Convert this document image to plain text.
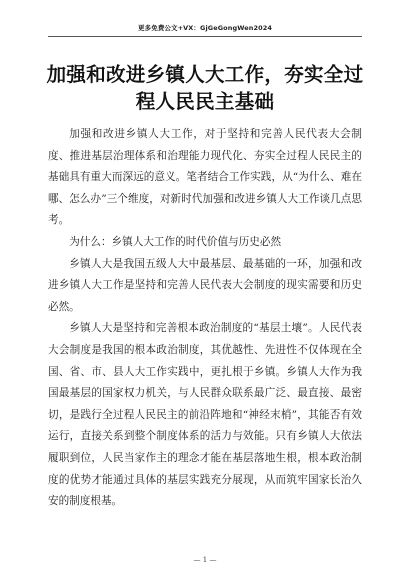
更多免费公文+VX：GjGeGongWen2024
加强和改进乡镇人大工作，夯实全过程人民民主基础

加强和改进乡镇人大工作，对于坚持和完善人民代表大会制度、推进基层治理体系和治理能力现代化、夯实全过程人民民主的基础具有重大而深远的意义。笔者结合工作实践，从“为什么、难在哪、怎么办”三个维度，对新时代加强和改进乡镇人大工作谈几点思考。

为什么：乡镇人大工作的时代价值与历史必然

乡镇人大是我国五级人大中最基层、最基础的一环，加强和改进乡镇人大工作是坚持和完善人民代表大会制度的现实需要和历史必然。

乡镇人大是坚持和完善根本政治制度的“基层土壤”。人民代表大会制度是我国的根本政治制度，其优越性、先进性不仅体现在全国、省、市、县人大工作实践中，更扎根于乡镇。乡镇人大作为我国最基层的国家权力机关，与人民群众联系最广泛、最直接、最密切，是践行全过程人民民主的前沿阵地和“神经末梢”，其能否有效运行，直接关系到整个制度体系的活力与效能。只有乡镇人大依法履职到位，人民当家作主的理念才能在基层落地生根，根本政治制度的优势才能通过具体的基层实践充分展现，从而筑牢国家长治久安的制度根基。

— 1 —
